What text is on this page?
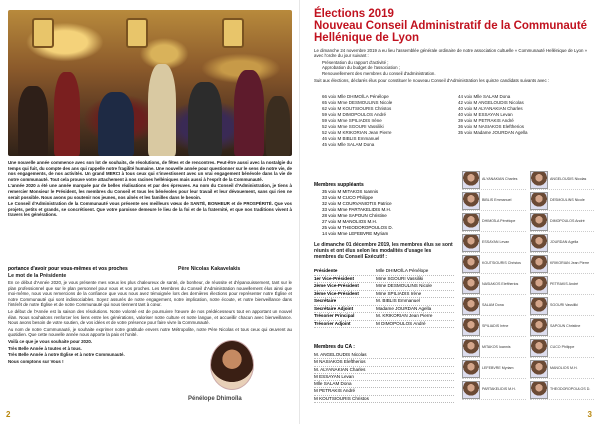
Une nouvelle année commence avec son lot de souhaits, de résolutions, de fêtes et de rencontres. Peut-être aussi avec la nostalgie du temps qui fuit, du compte des ans qui rappelle notre fragilité humaine. Une nouvelle année pour questionner sur le sens de notre vie, de nos engagements, de nos activités. Un grand MERCI à tous ceux qui s'investissent avec un vrai engagement bénévole dans la vie de notre communauté. Tout cela prouve votre attachement à nos racines helléniques mais aussi à l'esprit de la Communauté.

L'année 2020 a été une année marquée par de belles réalisations et par des épreuves. Au nom du Conseil d'Administration, je tiens à remercier Monsieur le Président, les membres du Conseil et tous les bénévoles pour leur travail et leur dévouement, sans qui rien ne serait possible. Nous avons pu soutenir nos jeunes, nos aînés et les familles dans le besoin.

Le Conseil d'Administration de la Communauté vous présente ses meilleurs vœux de SANTÉ, BONHEUR et de PROSPÉRITÉ. Que vos projets, petits et grands, se concrétisent. Que votre paroisse demeure le lieu de la foi et de la fraternité, et que nos traditions vivent à travers les générations.

portance d'avoir pour vous-mêmes et vos proches	Père Nicolas Kakavelakis
Le mot de la Présidente

En ce début d'Année 2020, je vous présente mes vœux les plus chaleureux de santé, de bonheur, de réussite et d'épanouissement, tant sur le plan professionnel que sur le plan personnel pour vous et vos proches. Les Membres du Conseil d'Administration nouvellement élus ainsi que moi-même, nous vous remercions de la confiance que vous nous avez témoignée lors des dernières élections pour représenter notre Église et notre Communauté qui sont indissociables. Soyez assurés de notre engagement, notre implication, notre écoute, et notre bienveillance dans l'intérêt de notre Église et de notre Communauté qui nous tiennent tant à cœur.

Le début de l'Année est la saison des résolutions. Notre volonté est de poursuivre l'œuvre de nos prédécesseurs tout en apportant un nouvel élan. Nous souhaitons renforcer les liens entre les générations, valoriser notre culture et notre langue, et accueillir chacun avec bienveillance. Nous avons besoin de votre soutien, de vos idées et de votre présence pour faire vivre la Communauté.

Au nom de notre Communauté, je souhaite exprimer notre gratitude envers notre Métropolite, notre Père Nicolas et tous ceux qui œuvrent au quotidien. Que cette nouvelle année nous apporte la paix et l'unité.

Voilà ce que je vous souhaite pour 2020.

Très Belle Année à toutes et à tous.

Très Belle Année à notre Église et à notre Communauté.

Nous comptons sur Vous !

Pénélope Dhimoïla
2
Élections 2019
Nouveau Conseil Administratif de la Communauté
Hellénique de Lyon
Le dimanche 24 novembre 2019 a eu lieu l'assemblée générale ordinaire de notre association cultuelle « Communauté Hellénique de Lyon » avec l'ordre du jour suivant :
Présentation du rapport d'activité ;
Approbation du budget de l'association ;
Renouvellement des membres du conseil d'administration.
Suit aux élections, déclarés élus pour constituer le nouveau Conseil d'Administration les quinze candidats suivants avec :
66 voix Mlle DHIMOÏLA Pénélope
65 voix Mme DESMOULINS Nicole
62 voix M KOUTSIOURIS Christos
59 voix M DIMOPOULOS André
59 voix Mme SPILIADIS Irène
52 voix Mme SGOURI Vassiliki
52 voix M KRIKORIAN Jean Pierre
46 voix M BIBLIS Emmanuel
45 voix Mlle SALAM Dona
44 voix Mlle SALAM Dona
42 voix M ANGELOUDIS Nicolas
40 voix M ALYANAKIAN Charles
40 voix M ESSAYAN Levan
39 voix M PETRAKIS André
36 voix M NASIAKOS Eleftherios
35 voix Madame JOURDAN Agella
Membres suppléants
35 voix M MITAKOS Ioannis
33 voix M CUCO Philippe
32 voix M COURVANIOTIS Patrice
33 voix Mme PARTAKELIDIS M.H.
28 voix Mme SAPOUN Christine
27 voix M MANOLIOS M.H.
25 voix M THEODOROPOULOS D.
14 voix Mme LEFEBVRE Myriam
Le dimanche 01 décembre 2019, les membres élus se sont réunis et ont élus selon les modalités d'usage les membres du Conseil Exécutif :
Présidente	Mlle DHIMOÏLA Pénélope
1er Vice-Président	Mme SGOURI Vassiliki
2ème Vice-Président	Mme DESMOULINS Nicole
3ème Vice-Président	Mme SPILIADIS Irène
Secrétaire	M. BIBLIS Emmanuel
Secrétaire Adjoint	Madame JOURDAN Agella
Trésorier Principal	M. KRIKORIAN Jean Pierre
Trésorier Adjoint	M DIMOPOULOS André
Membres du CA :
M. ANGELOUDIS Nicolas
M NASIAKOS Eleftherios
M. ALYANAKIAN Charles
M ESSAYAN Levan
Mlle SALAM Dona
M PETRAKIS André
M KOUTSIOURIS Christos
ALYANAKIAN Charles	ANGELOUDIS Nicolas
BIBLIS Emmanuel	DESMOULINS Nicole
DHIMOÏLA Pénélope	DIMOPOULOS André
ESSAYAN Levan	JOURDAN Agella
KOUTSIOURIS Christos	KRIKORIAN Jean Pierre
NASIAKOS Eleftherios	PETRAKIS André
SALAM Dona	SGOURI Vassiliki
SPILIADIS Irène	SAPOUN Christine
MITAKOS Ioannis	CUCO Philippe
LEFEBVRE Myriam	MANOLIOS M.H.
PARTAKELIDIS M.H.	THEODOROPOULOS D.
3
